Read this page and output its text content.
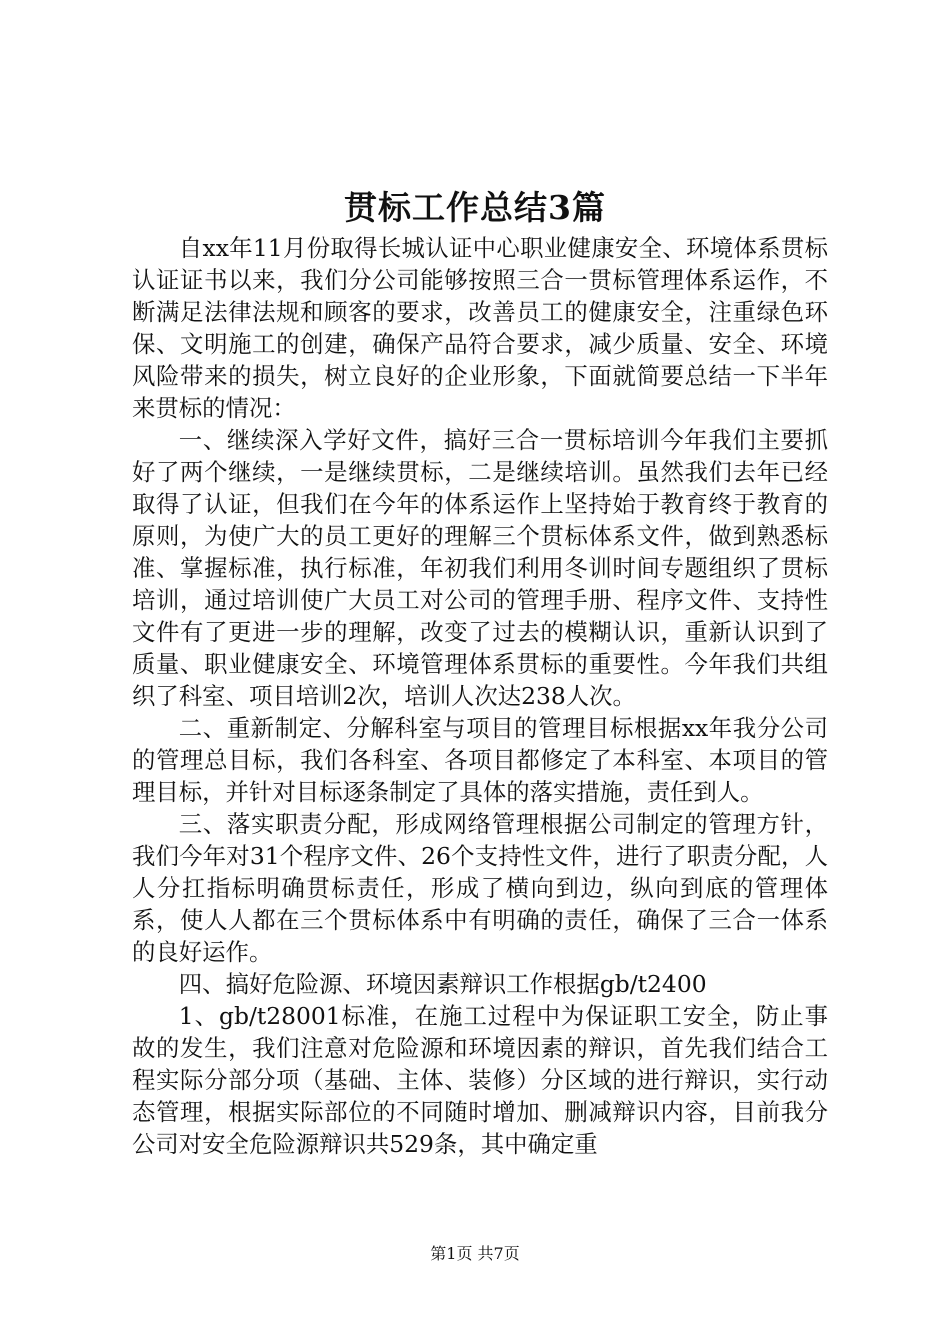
贯标工作总结3篇

自xx年11月份取得长城认证中心职业健康安全、环境体系贯标认证证书以来，我们分公司能够按照三合一贯标管理体系运作，不断满足法律法规和顾客的要求，改善员工的健康安全，注重绿色环保、文明施工的创建，确保产品符合要求，减少质量、安全、环境风险带来的损失，树立良好的企业形象，下面就简要总结一下半年来贯标的情况：

一、继续深入学好文件，搞好三合一贯标培训今年我们主要抓好了两个继续，一是继续贯标，二是继续培训。虽然我们去年已经取得了认证，但我们在今年的体系运作上坚持始于教育终于教育的原则，为使广大的员工更好的理解三个贯标体系文件，做到熟悉标准、掌握标准，执行标准，年初我们利用冬训时间专题组织了贯标培训，通过培训使广大员工对公司的管理手册、程序文件、支持性文件有了更进一步的理解，改变了过去的模糊认识，重新认识到了质量、职业健康安全、环境管理体系贯标的重要性。今年我们共组织了科室、项目培训2次，培训人次达238人次。

二、重新制定、分解科室与项目的管理目标根据xx年我分公司的管理总目标，我们各科室、各项目都修定了本科室、本项目的管理目标，并针对目标逐条制定了具体的落实措施，责任到人。

三、落实职责分配，形成网络管理根据公司制定的管理方针，我们今年对31个程序文件、26个支持性文件，进行了职责分配，人人分扛指标明确贯标责任，形成了横向到边，纵向到底的管理体系，使人人都在三个贯标体系中有明确的责任，确保了三合一体系的良好运作。

四、搞好危险源、环境因素辩识工作根据gb/t2400

1、gb/t28001标准，在施工过程中为保证职工安全，防止事故的发生，我们注意对危险源和环境因素的辩识，首先我们结合工程实际分部分项（基础、主体、装修）分区域的进行辩识，实行动态管理，根据实际部位的不同随时增加、删减辩识内容，目前我分公司对安全危险源辩识共529条，其中确定重

第1页 共7页
